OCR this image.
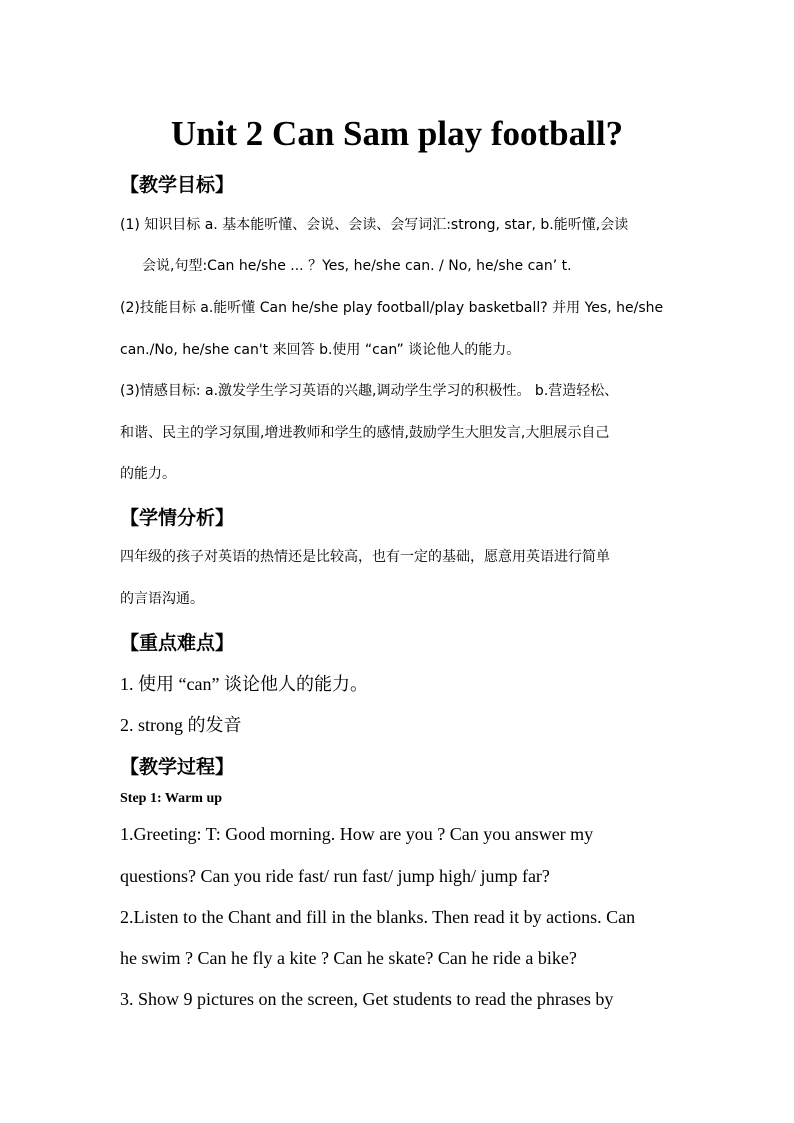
Unit 2 Can Sam play football?
【教学目标】
(1) 知识目标 a. 基本能听懂、会说、会读、会写词汇:strong, star, b.能听懂,会读
会说,句型:Can he/she ... ？Yes, he/she can. / No, he/she can’ t.
(2)技能目标 a.能听懂 Can he/she play football/play basketball? 并用 Yes, he/she
can./No, he/she can't 来回答 b.使用 “can” 谈论他人的能力。
(3)情感目标: a.激发学生学习英语的兴趣,调动学生学习的积极性。 b.营造轻松、
和谐、民主的学习氛围,增进教师和学生的感情,鼓励学生大胆发言,大胆展示自己
的能力。
【学情分析】
四年级的孩子对英语的热情还是比较高，也有一定的基础，愿意用英语进行简单
的言语沟通。
【重点难点】
1. 使用 “can” 谈论他人的能力。
2. strong 的发音
【教学过程】
Step 1: Warm up
1.Greeting: T: Good morning. How are you ? Can you answer my
questions? Can you ride fast/ run fast/ jump high/ jump far?
2.Listen to the Chant and fill in the blanks. Then read it by actions. Can
he swim ? Can he fly a kite ? Can he skate? Can he ride a bike?
3. Show 9 pictures on the screen, Get students to read the phrases by
